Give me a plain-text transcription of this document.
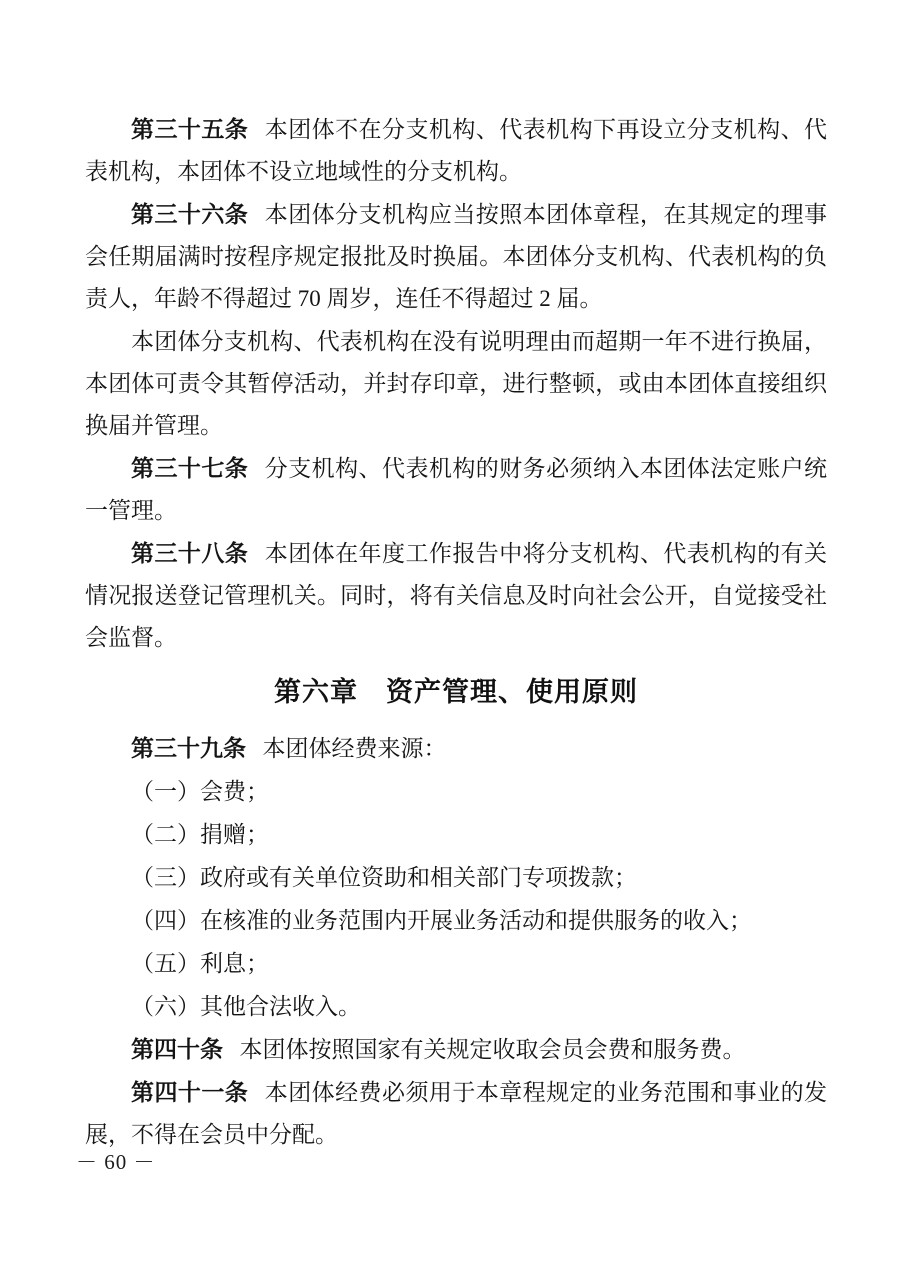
第三十五条 本团体不在分支机构、代表机构下再设立分支机构、代表机构，本团体不设立地域性的分支机构。

第三十六条 本团体分支机构应当按照本团体章程，在其规定的理事会任期届满时按程序规定报批及时换届。本团体分支机构、代表机构的负责人，年龄不得超过 70 周岁，连任不得超过 2 届。

本团体分支机构、代表机构在没有说明理由而超期一年不进行换届，本团体可责令其暂停活动，并封存印章，进行整顿，或由本团体直接组织换届并管理。

第三十七条 分支机构、代表机构的财务必须纳入本团体法定账户统一管理。

第三十八条 本团体在年度工作报告中将分支机构、代表机构的有关情况报送登记管理机关。同时，将有关信息及时向社会公开，自觉接受社会监督。

第六章　资产管理、使用原则

第三十九条 本团体经费来源：

（一）会费；

（二）捐赠；

（三）政府或有关单位资助和相关部门专项拨款；

（四）在核准的业务范围内开展业务活动和提供服务的收入；

（五）利息；

（六）其他合法收入。

第四十条 本团体按照国家有关规定收取会员会费和服务费。

第四十一条 本团体经费必须用于本章程规定的业务范围和事业的发展，不得在会员中分配。

－ 60 －
